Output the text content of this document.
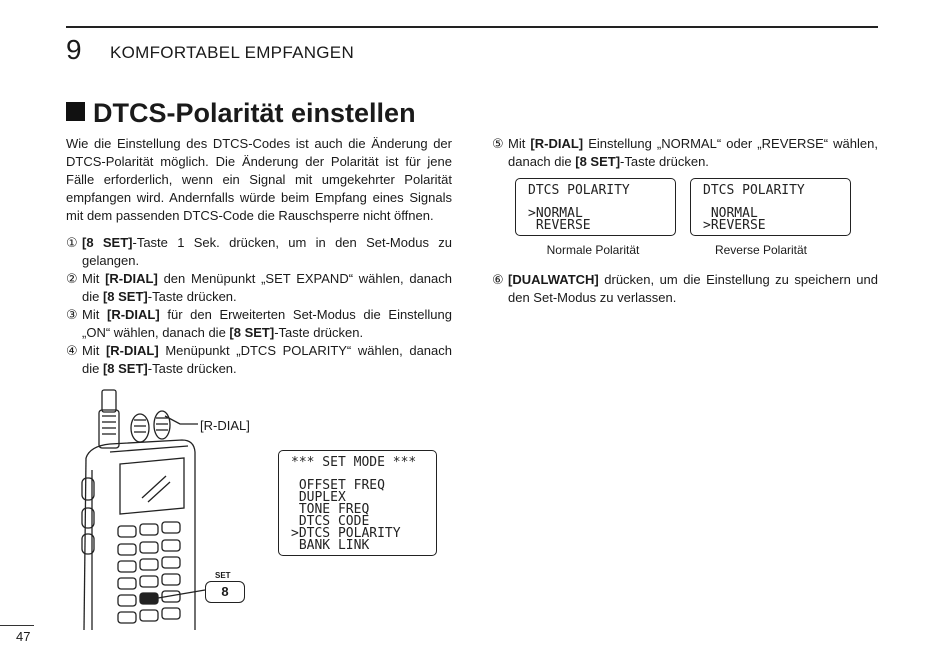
9 KOMFORTABEL EMPFANGEN
DTCS-Polarität einstellen

Wie die Einstellung des DTCS-Codes ist auch die Änderung der DTCS-Polarität möglich. Die Änderung der Polarität ist für jene Fälle erforderlich, wenn ein Signal mit umgekehrter Polarität empfangen wird. Andernfalls würde beim Empfang eines Signals mit dem passenden DTCS-Code die Rauschsperre nicht öffnen.

① [8 SET]-Taste 1 Sek. drücken, um in den Set-Modus zu gelangen.
② Mit [R-DIAL] den Menüpunkt „SET EXPAND“ wählen, danach die [8 SET]-Taste drücken.
③ Mit [R-DIAL] für den Erweiterten Set-Modus die Einstellung „ON“ wählen, danach die [8 SET]-Taste drücken.
④ Mit [R-DIAL] Menüpunkt „DTCS POLARITY“ wählen, danach die [8 SET]-Taste drücken.
⑤ Mit [R-DIAL] Einstellung „NORMAL“ oder „REVERSE“ wählen, danach die [8 SET]-Taste drücken.
DTCS POLARITY
>NORMAL
REVERSE
Normale Polarität
DTCS POLARITY
NORMAL
>REVERSE
Reverse Polarität
⑥ [DUALWATCH] drücken, um die Einstellung zu speichern und den Set-Modus zu verlassen.
[R-DIAL]
SET
8
*** SET MODE ***
OFFSET FREQ
DUPLEX
TONE FREQ
DTCS CODE
>DTCS POLARITY
BANK LINK
47
